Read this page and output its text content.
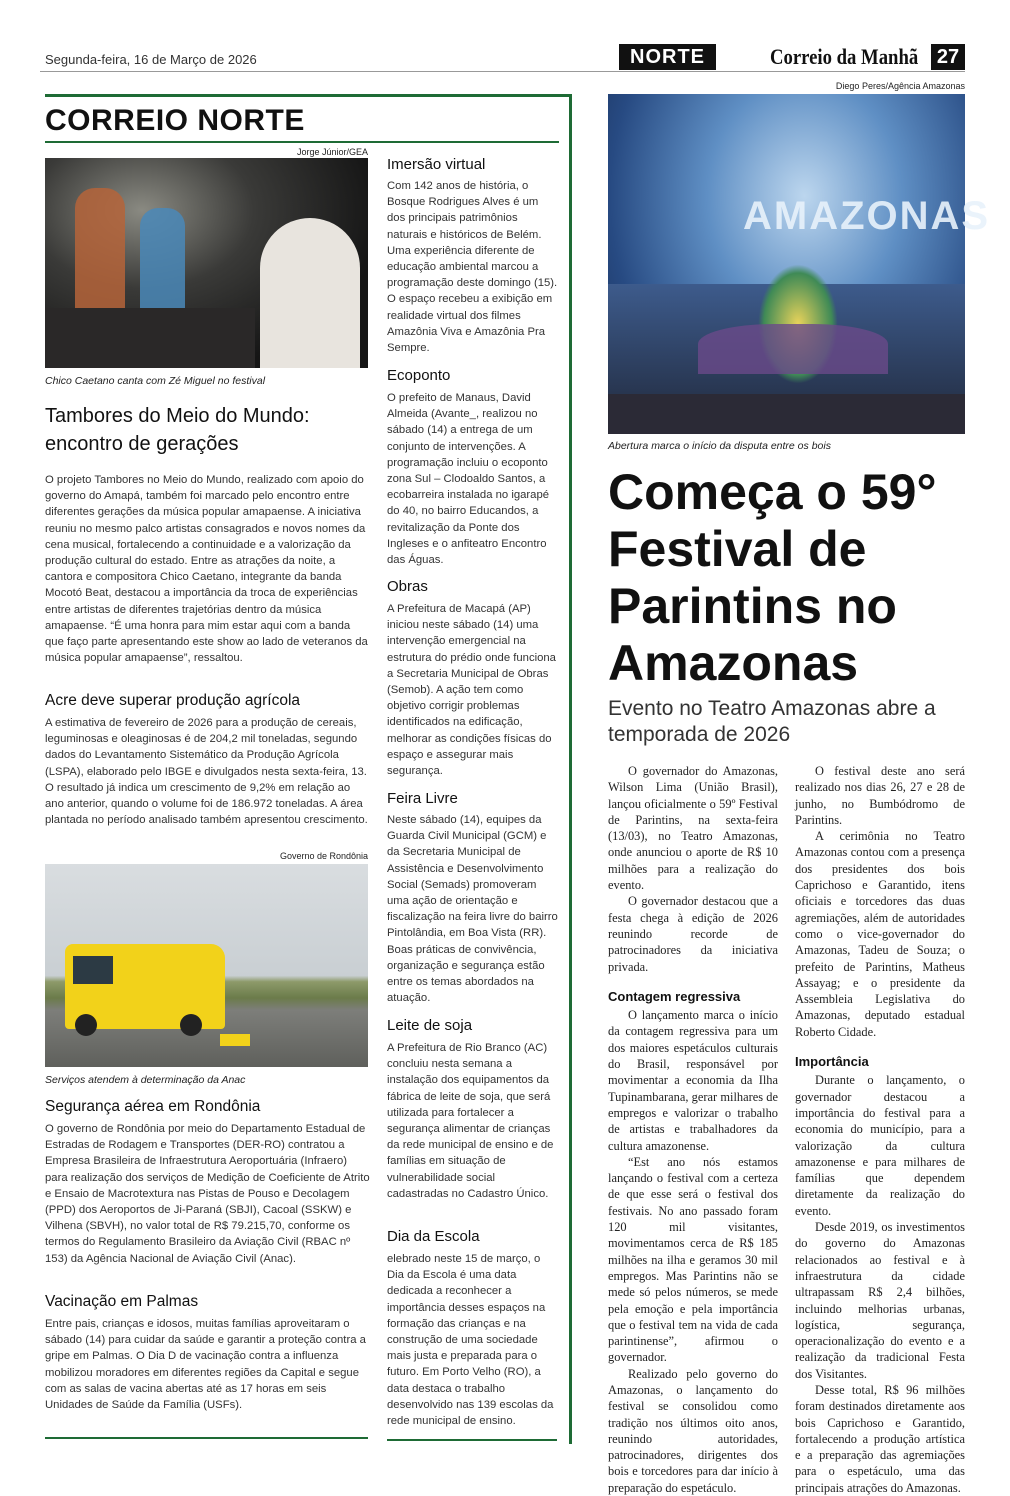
Segunda-feira, 16 de Março de 2026	NORTE	Correio da Manhã 27
CORREIO NORTE
Jorge Júnior/GEA
Chico Caetano canta com Zé Miguel no festival
Tambores do Meio do Mundo: encontro de gerações
O projeto Tambores no Meio do Mundo, realizado com apoio do governo do Amapá, também foi marcado pelo encontro entre diferentes gerações da música popular amapaense. A iniciativa reuniu no mesmo palco artistas consagrados e novos nomes da cena musical, fortalecendo a continuidade e a valorização da produção cultural do estado. Entre as atrações da noite, a cantora e compositora Chico Caetano, integrante da banda Mocotó Beat, destacou a importância da troca de experiências entre artistas de diferentes trajetórias dentro da música amapaense. “É uma honra para mim estar aqui com a banda que faço parte apresentando este show ao lado de veteranos da música popular amapaense”, ressaltou.
Acre deve superar produção agrícola
A estimativa de fevereiro de 2026 para a produção de cereais, leguminosas e oleaginosas é de 204,2 mil toneladas, segundo dados do Levantamento Sistemático da Produção Agrícola (LSPA), elaborado pelo IBGE e divulgados nesta sexta-feira, 13. O resultado já indica um crescimento de 9,2% em relação ao ano anterior, quando o volume foi de 186.972 toneladas. A área plantada no período analisado também apresentou crescimento.
Governo de Rondônia
Serviços atendem à determinação da Anac
Segurança aérea em Rondônia
O governo de Rondônia por meio do Departamento Estadual de Estradas de Rodagem e Transportes (DER-RO) contratou a Empresa Brasileira de Infraestrutura Aeroportuária (Infraero) para realização dos serviços de Medição de Coeficiente de Atrito e Ensaio de Macrotextura nas Pistas de Pouso e Decolagem (PPD) dos Aeroportos de Ji-Paraná (SBJI), Cacoal (SSKW) e Vilhena (SBVH), no valor total de R$ 79.215,70, conforme os termos do Regulamento Brasileiro da Aviação Civil (RBAC nº 153) da Agência Nacional de Aviação Civil (Anac).
Vacinação em Palmas
Entre pais, crianças e idosos, muitas famílias aproveitaram o sábado (14) para cuidar da saúde e garantir a proteção contra a gripe em Palmas. O Dia D de vacinação contra a influenza mobilizou moradores em diferentes regiões da Capital e segue com as salas de vacina abertas até as 17 horas em seis Unidades de Saúde da Família (USFs).
Imersão virtual
Com 142 anos de história, o Bosque Rodrigues Alves é um dos principais patrimônios naturais e históricos de Belém. Uma experiência diferente de educação ambiental marcou a programação deste domingo (15). O espaço recebeu a exibição em realidade virtual dos filmes Amazônia Viva e Amazônia Pra Sempre.
Ecoponto
O prefeito de Manaus, David Almeida (Avante_, realizou no sábado (14) a entrega de um conjunto de intervenções. A programação incluiu o ecoponto zona Sul – Clodoaldo Santos, a ecobarreira instalada no igarapé do 40, no bairro Educandos, a revitalização da Ponte dos Ingleses e o anfiteatro Encontro das Águas.
Obras
A Prefeitura de Macapá (AP) iniciou neste sábado (14) uma intervenção emergencial na estrutura do prédio onde funciona a Secretaria Municipal de Obras (Semob). A ação tem como objetivo corrigir problemas identificados na edificação, melhorar as condições físicas do espaço e assegurar mais segurança.
Feira Livre
Neste sábado (14), equipes da Guarda Civil Municipal (GCM) e da Secretaria Municipal de Assistência e Desenvolvimento Social (Semads) promoveram uma ação de orientação e fiscalização na feira livre do bairro Pintolândia, em Boa Vista (RR). Boas práticas de convivência, organização e segurança estão entre os temas abordados na atuação.
Leite de soja
A Prefeitura de Rio Branco (AC) concluiu nesta semana a instalação dos equipamentos da fábrica de leite de soja, que será utilizada para fortalecer a segurança alimentar de crianças da rede municipal de ensino e de famílias em situação de vulnerabilidade social cadastradas no Cadastro Único.
Dia da Escola
elebrado neste 15 de março, o Dia da Escola é uma data dedicada a reconhecer a importância desses espaços na formação das crianças e na construção de uma sociedade mais justa e preparada para o futuro. Em Porto Velho (RO), a data destaca o trabalho desenvolvido nas 139 escolas da rede municipal de ensino.
Diego Peres/Agência Amazonas
AMAZONAS
Abertura marca o início da disputa entre os bois
Começa o 59° Festival de Parintins no Amazonas
Evento no Teatro Amazonas abre a temporada de 2026

O governador do Amazonas, Wilson Lima (União Brasil), lançou oficialmente o 59º Festival de Parintins, na sexta-feira (13/03), no Teatro Amazonas, onde anunciou o aporte de R$ 10 milhões para a realização do evento.

O governador destacou que a festa chega à edição de 2026 reunindo recorde de patrocinadores da iniciativa privada.

Contagem regressiva

O lançamento marca o início da contagem regressiva para um dos maiores espetáculos culturais do Brasil, responsável por movimentar a economia da Ilha Tupinambarana, gerar milhares de empregos e valorizar o trabalho de artistas e trabalhadores da cultura amazonense.

“Est ano nós estamos lançando o festival com a certeza de que esse será o festival dos festivais. No ano passado foram 120 mil visitantes, movimentamos cerca de R$ 185 milhões na ilha e geramos 30 mil empregos. Mas Parintins não se mede só pelos números, se mede pela emoção e pela importância que o festival tem na vida de cada parintinense”, afirmou o governador.

Realizado pelo governo do Amazonas, o lançamento do festival se consolidou como tradição nos últimos oito anos, reunindo autoridades, patrocinadores, dirigentes dos bois e torcedores para dar início à preparação do espetáculo.

O festival deste ano será realizado nos dias 26, 27 e 28 de junho, no Bumbódromo de Parintins.

A cerimônia no Teatro Amazonas contou com a presença dos presidentes dos bois Caprichoso e Garantido, itens oficiais e torcedores das duas agremiações, além de autoridades como o vice-governador do Amazonas, Tadeu de Souza; o prefeito de Parintins, Matheus Assayag; e o presidente da Assembleia Legislativa do Amazonas, deputado estadual Roberto Cidade.

Importância

Durante o lançamento, o governador destacou a importância do festival para a economia do município, para a valorização da cultura amazonense e para milhares de famílias que dependem diretamente da realização do evento.

Desde 2019, os investimentos do governo do Amazonas relacionados ao festival e à infraestrutura da cidade ultrapassam R$ 2,4 bilhões, incluindo melhorias urbanas, logística, segurança, operacionalização do evento e a realização da tradicional Festa dos Visitantes.

Desse total, R$ 96 milhões foram destinados diretamente aos bois Caprichoso e Garantido, fortalecendo a produção artística e a preparação das agremiações para o espetáculo, uma das principais atrações do Amazonas.
